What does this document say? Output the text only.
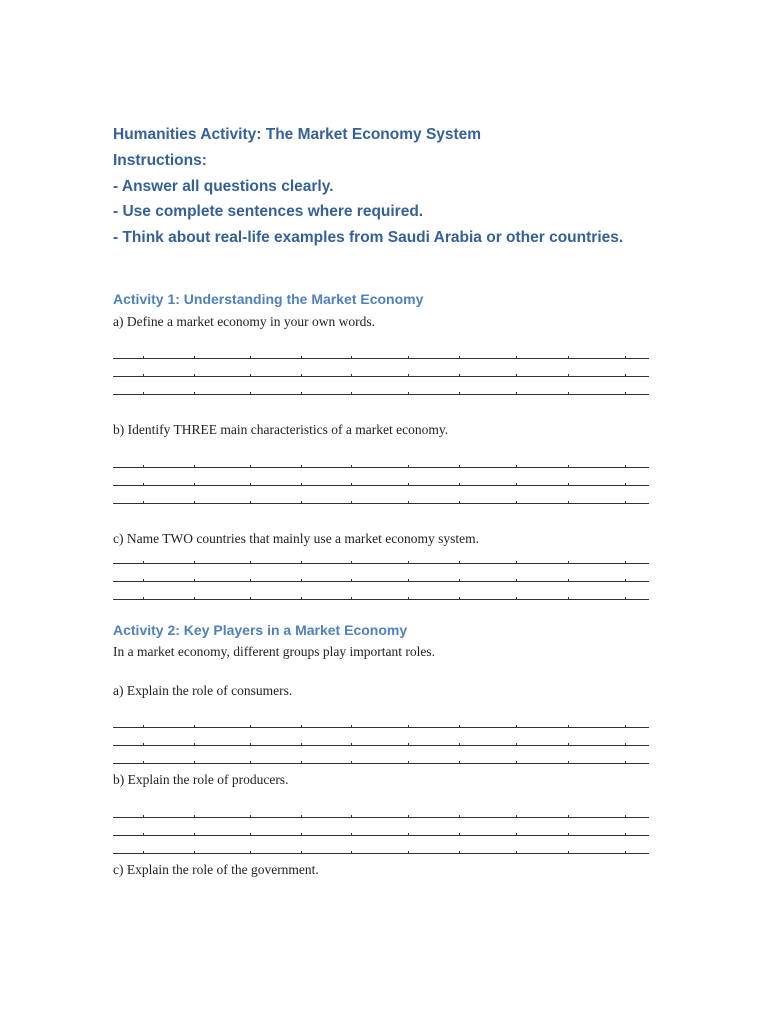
Humanities Activity: The Market Economy System
Instructions:
- Answer all questions clearly.
- Use complete sentences where required.
- Think about real-life examples from Saudi Arabia or other countries.
Activity 1: Understanding the Market Economy
a) Define a market economy in your own words.
b) Identify THREE main characteristics of a market economy.
c) Name TWO countries that mainly use a market economy system.
Activity 2: Key Players in a Market Economy
In a market economy, different groups play important roles.
a) Explain the role of consumers.
b) Explain the role of producers.
c) Explain the role of the government.
